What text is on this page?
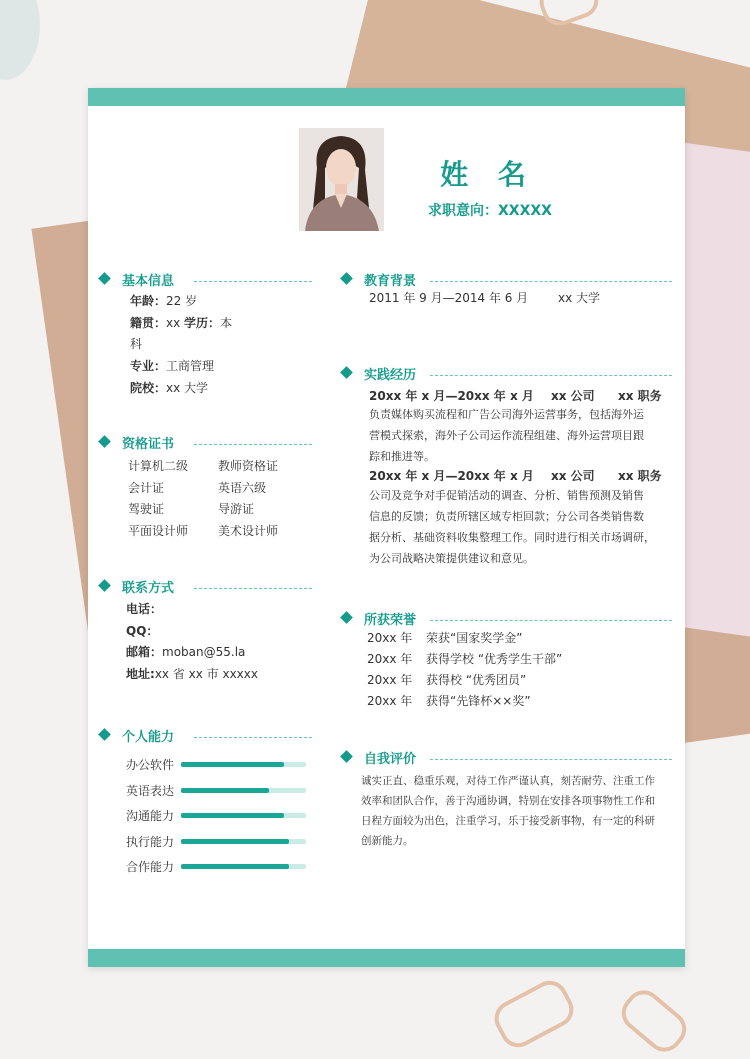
姓 名
求职意向：XXXXX
基本信息
年龄：22 岁
籍贯：xx 学历：本
科
专业：工商管理
院校：xx 大学
资格证书
计算机二级 教师资格证
会计证	英语六级
驾驶证	导游证
平面设计师 美术设计师
联系方式
电话：
QQ：
邮箱：moban@55.la
地址:xx 省 xx 市 xxxxx
个人能力
办公软件
英语表达
沟通能力
执行能力
合作能力
教育背景
2011 年 9 月—2014 年 6 月 xx 大学
实践经历
20xx 年 x 月—20xx 年 x 月 xx 公司 xx 职务
负责媒体购买流程和广告公司海外运营事务，包括海外运
营模式探索，海外子公司运作流程组建、海外运营项目跟
踪和推进等。
20xx 年 x 月—20xx 年 x 月 xx 公司 xx 职务
公司及竞争对手促销活动的调查、分析、销售预测及销售
信息的反馈；负责所辖区域专柜回款；分公司各类销售数
据分析、基础资料收集整理工作。同时进行相关市场调研，
为公司战略决策提供建议和意见。
所获荣誉
20xx 年 荣获“国家奖学金”
20xx 年 获得学校 “优秀学生干部”
20xx 年 获得校 “优秀团员”
20xx 年 获得“先锋杯××奖”
自我评价
诚实正直、稳重乐观，对待工作严谨认真，刻苦耐劳、注重工作效率和团队合作，善于沟通协调，特别在安排各项事物性工作和日程方面较为出色，注重学习，乐于接受新事物，有一定的科研创新能力。
